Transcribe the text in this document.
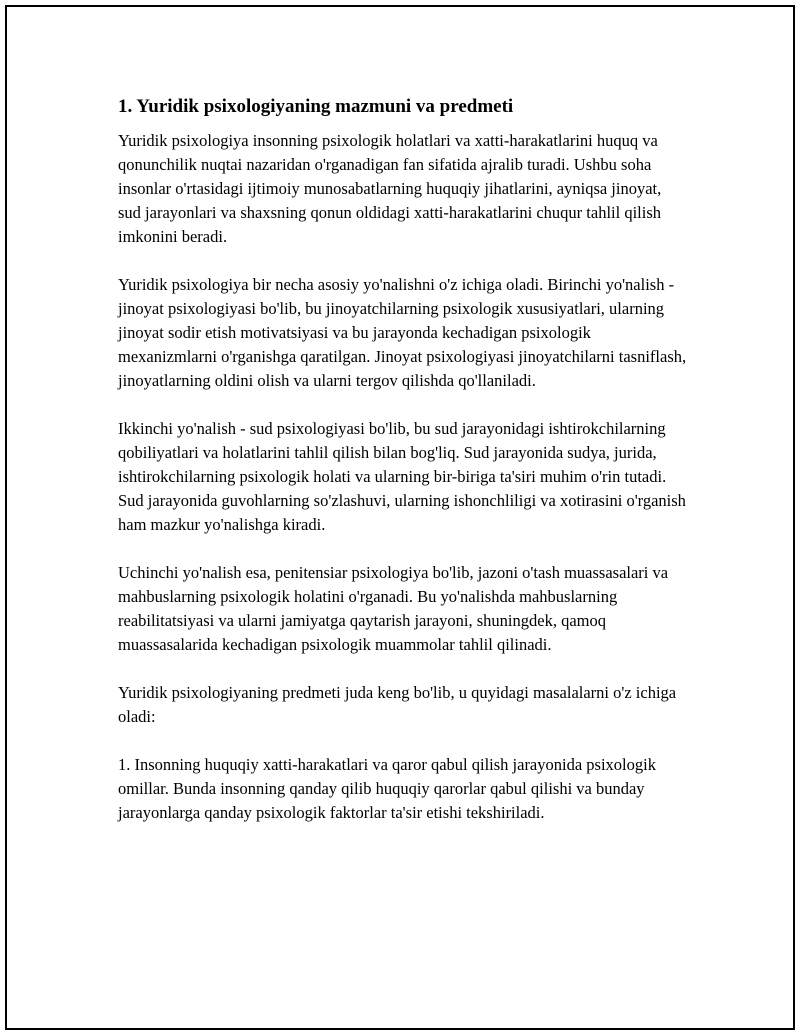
1. Yuridik psixologiyaning mazmuni va predmeti

Yuridik psixologiya insonning psixologik holatlari va xatti-harakatlarini huquq va qonunchilik nuqtai nazaridan o'rganadigan fan sifatida ajralib turadi. Ushbu soha insonlar o'rtasidagi ijtimoiy munosabatlarning huquqiy jihatlarini, ayniqsa jinoyat, sud jarayonlari va shaxsning qonun oldidagi xatti-harakatlarini chuqur tahlil qilish imkonini beradi.

Yuridik psixologiya bir necha asosiy yo'nalishni o'z ichiga oladi. Birinchi yo'nalish - jinoyat psixologiyasi bo'lib, bu jinoyatchilarning psixologik xususiyatlari, ularning jinoyat sodir etish motivatsiyasi va bu jarayonda kechadigan psixologik mexanizmlarni o'rganishga qaratilgan. Jinoyat psixologiyasi jinoyatchilarni tasniflash, jinoyatlarning oldini olish va ularni tergov qilishda qo'llaniladi.

Ikkinchi yo'nalish - sud psixologiyasi bo'lib, bu sud jarayonidagi ishtirokchilarning qobiliyatlari va holatlarini tahlil qilish bilan bog'liq. Sud jarayonida sudya, jurida, ishtirokchilarning psixologik holati va ularning bir-biriga ta'siri muhim o'rin tutadi. Sud jarayonida guvohlarning so'zlashuvi, ularning ishonchliligi va xotirasini o'rganish ham mazkur yo'nalishga kiradi.

Uchinchi yo'nalish esa, penitensiar psixologiya bo'lib, jazoni o'tash muassasalari va mahbuslarning psixologik holatini o'rganadi. Bu yo'nalishda mahbuslarning reabilitatsiyasi va ularni jamiyatga qaytarish jarayoni, shuningdek, qamoq muassasalarida kechadigan psixologik muammolar tahlil qilinadi.

Yuridik psixologiyaning predmeti juda keng bo'lib, u quyidagi masalalarni o'z ichiga oladi:

1. Insonning huquqiy xatti-harakatlari va qaror qabul qilish jarayonida psixologik omillar. Bunda insonning qanday qilib huquqiy qarorlar qabul qilishi va bunday jarayonlarga qanday psixologik faktorlar ta'sir etishi tekshiriladi.
